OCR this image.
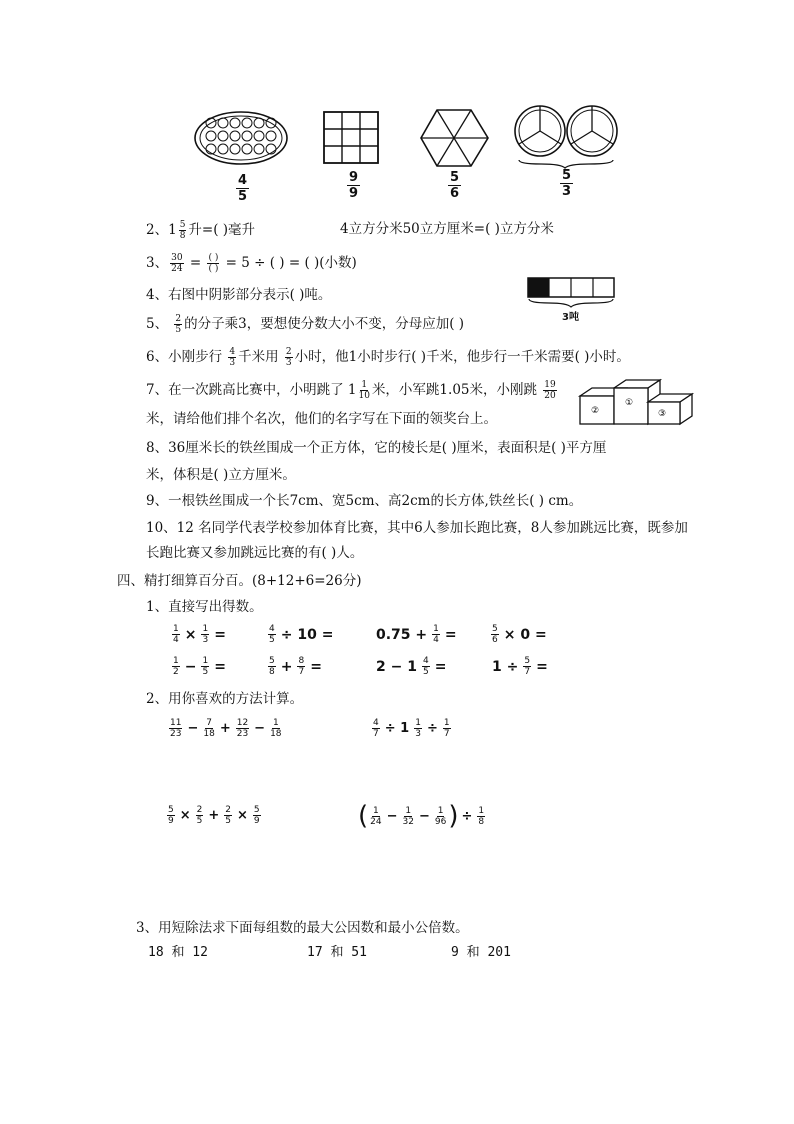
$\frac{4}{5}$	$\frac{9}{9}$	$\frac{5}{6}$	$\frac{5}{3}$
2、$1 \frac{5}{8}$ 升=( )毫升	4立方分米50立方厘米=( )立方分米
3、 $\frac{30}{24} = \frac{( )}{( )} = 5$ ÷ ( ) = ( )(小数)
4、右图中阴影部分表示( )吨。
3吨
5、 $\frac{2}{5}$ 的分子乘3，要想使分数大小不变，分母应加( )
6、小刚步行 $\frac{4}{3}$ 千米用 $\frac{2}{3}$ 小时，他1小时步行( )千米，他步行一千米需要( )小时。
7、在一次跳高比赛中，小明跳了 $1 \frac{1}{10}$ 米，小军跳1.05米，小刚跳 $\frac{19}{20}$
米，请给他们排个名次，他们的名字写在下面的领奖台上。	②
①
③
8、36厘米长的铁丝围成一个正方体，它的棱长是( )厘米，表面积是( )平方厘
米，体积是( )立方厘米。
9、一根铁丝围成一个长7cm、宽5cm、高2cm的长方体,铁丝长( ) cm。
10、12 名同学代表学校参加体育比赛，其中6人参加长跑比赛，8人参加跳远比赛，既参加
长跑比赛又参加跳远比赛的有( )人。
四、精打细算百分百。(8+12+6=26分)
1、直接写出得数。
$\frac{1}{4} \times \frac{1}{3}$ =	$\frac{4}{5} \div 10$ =	$0.75 + \frac{1}{4}$ =	$\frac{5}{6} \times 0$ =
$\frac{1}{2} - \frac{1}{5}$ =	$\frac{5}{8} + \frac{8}{7}$ =	$2 - 1 \frac{4}{5}$ =	$1 \div \frac{5}{7}$ =
2、用你喜欢的方法计算。
$\frac{11}{23} - \frac{7}{18} + \frac{12}{23} - \frac{1}{18}$	$\frac{4}{7} \div 1 \frac{1}{3} \div \frac{1}{7}$
$\frac{5}{9} \times \frac{2}{5} + \frac{2}{5} \times \frac{5}{9}$	( $\frac{1}{24} - \frac{1}{32} - \frac{1}{96}$ ) ÷ $\frac{1}{8}$
3、用短除法求下面每组数的最大公因数和最小公倍数。
18 和 12	17 和 51	9 和 201
